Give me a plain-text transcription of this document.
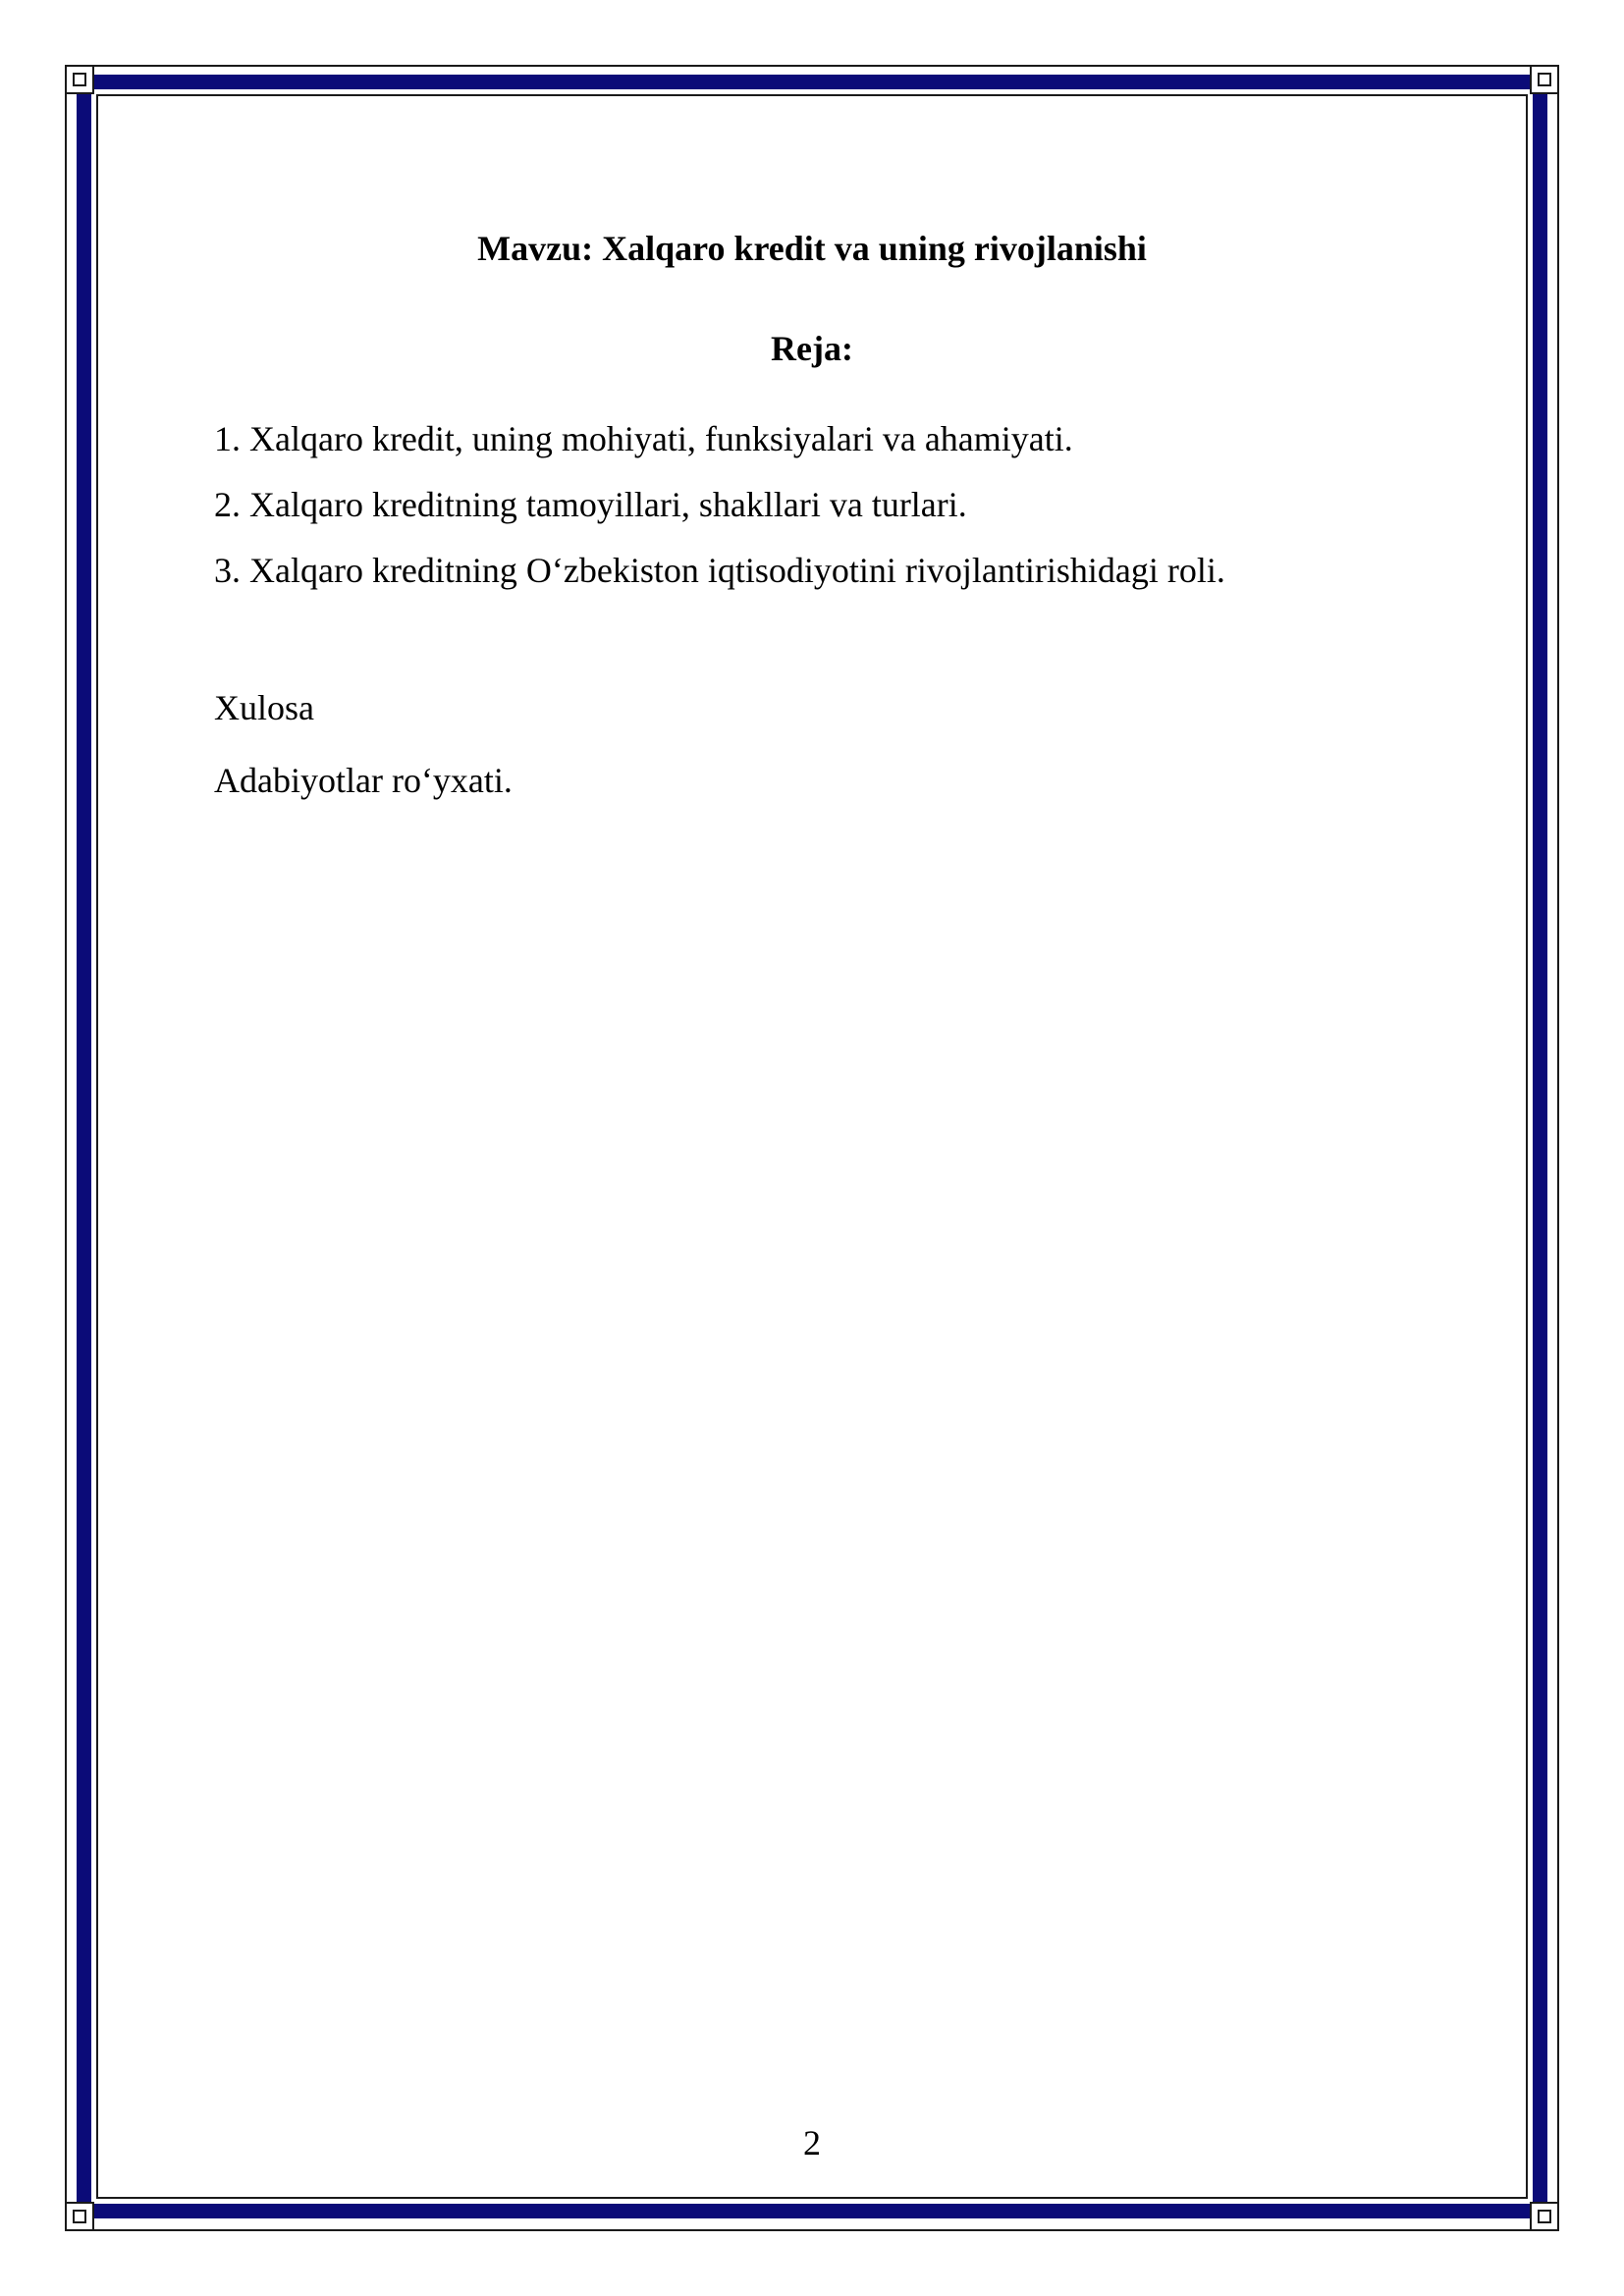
Mavzu: Xalqaro kredit va uning rivojlanishi
Reja:
1. Xalqaro kredit, uning mohiyati, funksiyalari va ahamiyati.
2. Xalqaro kreditning tamoyillari, shakllari va turlari.
3. Xalqaro kreditning O‘zbekiston iqtisodiyotini rivojlantirishidagi roli.
Xulosa
Adabiyotlar ro‘yxati.
2
